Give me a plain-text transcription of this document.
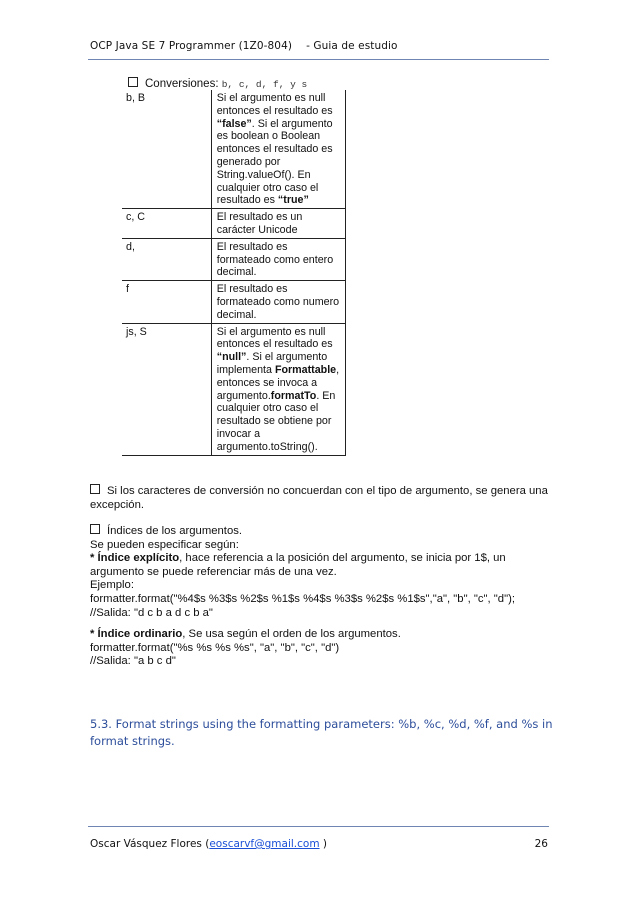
OCP Java SE 7 Programmer (1Z0-804) - Guia de estudio
Conversiones: b, c, d, f, y s
b, B	Si el argumento es null entonces el resultado es “false”. Si el argumento es boolean o Boolean entonces el resultado es generado por String.valueOf(). En cualquier otro caso el resultado es “true”
c, C	El resultado es un carácter Unicode
d,	El resultado es formateado como entero decimal.
f	El resultado es formateado como numero decimal.
js, S	Si el argumento es null entonces el resultado es “null”. Si el argumento implementa Formattable, entonces se invoca a argumento.formatTo. En cualquier otro caso el resultado se obtiene por invocar a argumento.toString().
Si los caracteres de conversión no concuerdan con el tipo de argumento, se genera una excepción.
Índices de los argumentos.
Se pueden especificar según:
* Índice explícito, hace referencia a la posición del argumento, se inicia por 1$, un argumento se puede referenciar más de una vez.
Ejemplo:
formatter.format("%4$s %3$s %2$s %1$s %4$s %3$s %2$s %1$s","a", "b", "c", "d");
//Salida: "d c b a d c b a"
* Índice ordinario, Se usa según el orden de los argumentos.
formatter.format("%s %s %s %s", "a", "b", "c", "d")
//Salida: "a b c d"
5.3. Format strings using the formatting parameters: %b, %c, %d, %f, and %s in format strings.
Oscar Vásquez Flores (eoscarvf@gmail.com )	26
